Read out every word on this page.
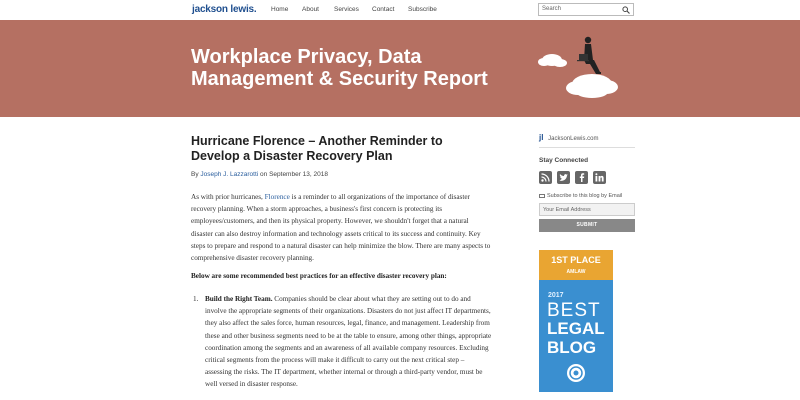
jackson lewis. Home About Services Contact Subscribe	Search
Workplace Privacy, Data
Management & Security Report
Hurricane Florence – Another Reminder to Develop a Disaster Recovery Plan
By Joseph J. Lazzarotti on September 13, 2018
As with prior hurricanes, Florence is a reminder to all organizations of the importance of disaster recovery planning. When a storm approaches, a business's first concern is protecting its employees/customers, and then its physical property. However, we shouldn't forget that a natural disaster can also destroy information and technology assets critical to its success and continuity. Key steps to prepare and respond to a natural disaster can help minimize the blow. There are many aspects to comprehensive disaster recovery planning.
Below are some recommended best practices for an effective disaster recovery plan:
1. Build the Right Team. Companies should be clear about what they are setting out to do and involve the appropriate segments of their organizations. Disasters do not just affect IT departments, they also affect the sales force, human resources, legal, finance, and management. Leadership from these and other business segments need to be at the table to ensure, among other things, appropriate coordination among the segments and an awareness of all available company resources. Excluding critical segments from the process will make it difficult to carry out the next critical step – assessing the risks. The IT department, whether internal or through a third-party vendor, must be well versed in disaster response.
jl JacksonLewis.com
Stay Connected
Subscribe to this blog by Email
Your Email Address
SUBMIT
1ST PLACE
AMLAW
2017
BEST
LEGAL
BLOG
